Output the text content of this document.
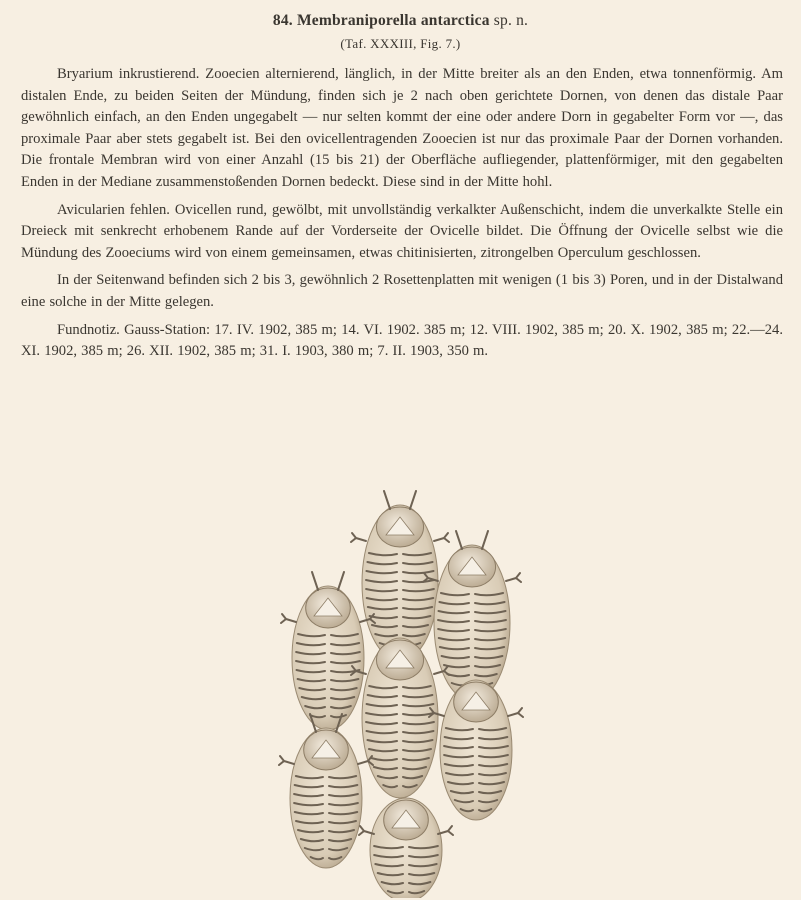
84. Membraniporella antarctica sp. n.
(Taf. XXXIII, Fig. 7.)

Bryarium inkrustierend. Zooecien alternierend, länglich, in der Mitte breiter als an den Enden, etwa tonnenförmig. Am distalen Ende, zu beiden Seiten der Mündung, finden sich je 2 nach oben gerichtete Dornen, von denen das distale Paar gewöhnlich einfach, an den Enden ungegabelt — nur selten kommt der eine oder andere Dorn in gegabelter Form vor —, das proximale Paar aber stets gegabelt ist. Bei den ovicellentragenden Zooecien ist nur das proximale Paar der Dornen vorhanden. Die frontale Membran wird von einer Anzahl (15 bis 21) der Oberfläche aufliegender, plattenförmiger, mit den gegabelten Enden in der Mediane zusammenstoßenden Dornen bedeckt. Diese sind in der Mitte hohl.

Avicularien fehlen. Ovicellen rund, gewölbt, mit unvollständig verkalkter Außenschicht, indem die unverkalkte Stelle ein Dreieck mit senkrecht erhobenem Rande auf der Vorderseite der Ovicelle bildet. Die Öffnung der Ovicelle selbst wie die Mündung des Zooeciums wird von einem gemeinsamen, etwas chitinisierten, zitrongelben Operculum geschlossen.

In der Seitenwand befinden sich 2 bis 3, gewöhnlich 2 Rosettenplatten mit wenigen (1 bis 3) Poren, und in der Distalwand eine solche in der Mitte gelegen.

Fundnotiz. Gauss-Station: 17. IV. 1902, 385 m; 14. VI. 1902. 385 m; 12. VIII. 1902, 385 m; 20. X. 1902, 385 m; 22.—24. XI. 1902, 385 m; 26. XII. 1902, 385 m; 31. I. 1903, 380 m; 7. II. 1903, 350 m.
